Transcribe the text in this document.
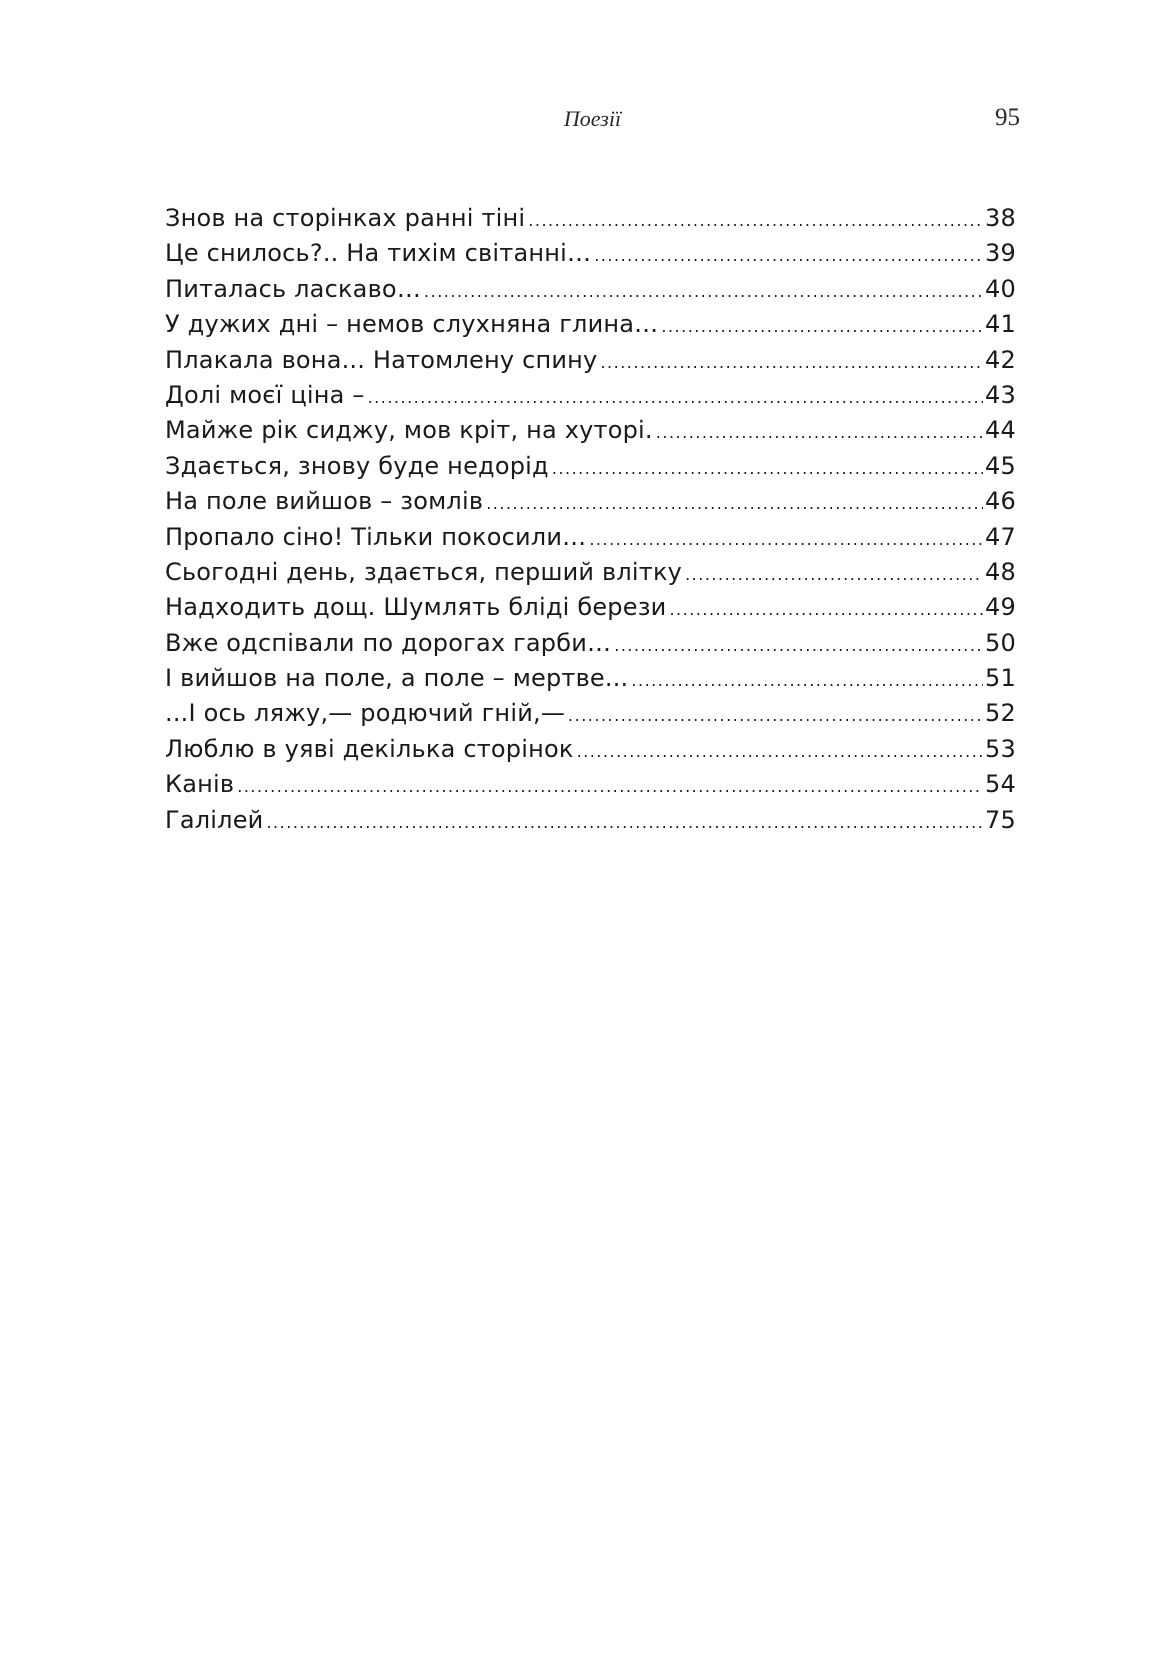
Поезії	95
Знов на сторінках ранні тіні .....	38
Це снилось?.. На тихім світанні… .....	39
Питалась ласкаво… .....	40
У дужих дні – немов слухняна глина… .....	41
Плакала вона... Натомлену спину .....	42
Долі моєї ціна – .....	43
Майже рік сиджу, мов кріт, на хуторі. .....	44
Здається, знову буде недорід .....	45
На поле вийшов – зомлів .....	46
Пропало сіно! Тільки покосили… .....	47
Сьогодні день, здається, перший влітку .....	48
Надходить дощ. Шумлять бліді берези .....	49
Вже одспівали по дорогах гарби… .....	50
І вийшов на поле, а поле – мертве... .....	51
...І ось ляжу,— родючий гній,— .....	52
Люблю в уяві декілька сторінок .....	53
Канів .....	54
Галілей .....	75
